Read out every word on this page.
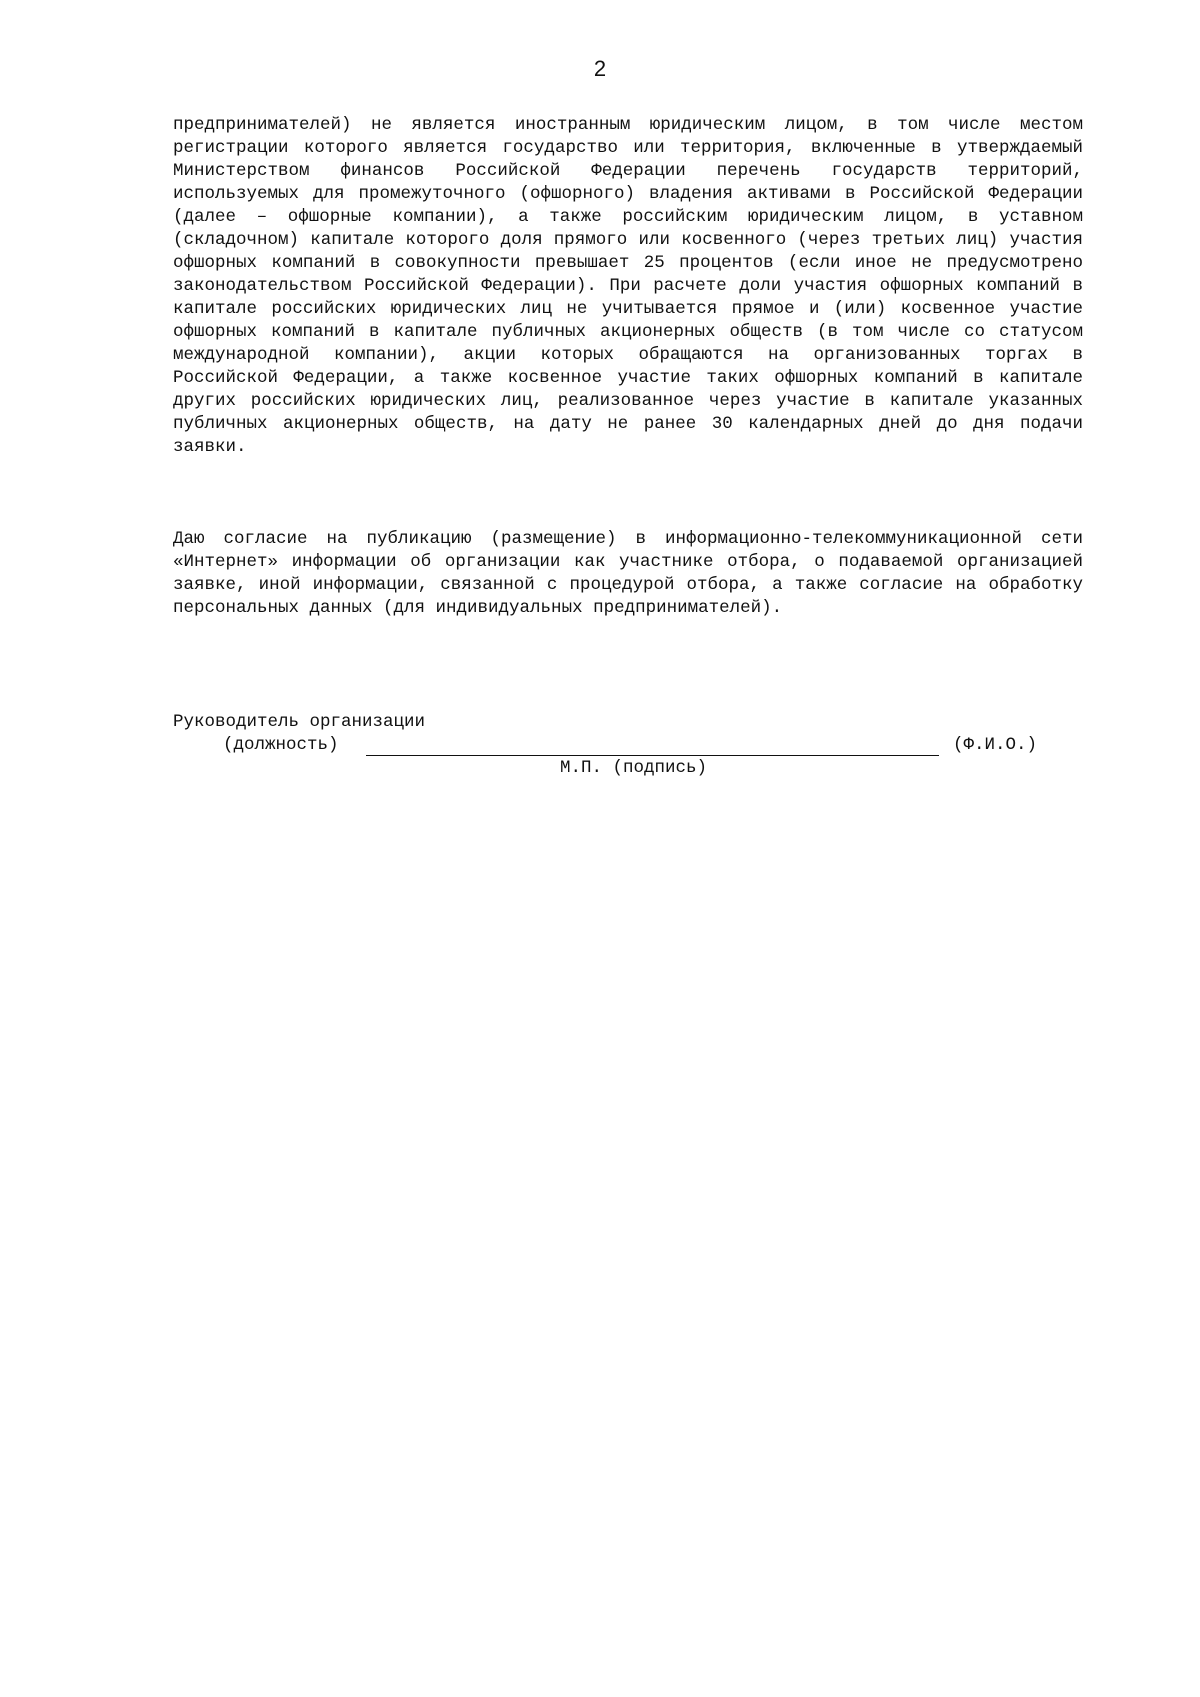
2
предпринимателей) не является иностранным юридическим лицом, в том числе местом регистрации которого является государство или территория, включенные в утверждаемый Министерством финансов Российской Федерации перечень государств территорий, используемых для промежуточного (офшорного) владения активами в Российской Федерации (далее – офшорные компании), а также российским юридическим лицом, в уставном (складочном) капитале которого доля прямого или косвенного (через третьих лиц) участия офшорных компаний в совокупности превышает 25 процентов (если иное не предусмотрено законодательством Российской Федерации). При расчете доли участия офшорных компаний в капитале российских юридических лиц не учитывается прямое и (или) косвенное участие офшорных компаний в капитале публичных акционерных обществ (в том числе со статусом международной компании), акции которых обращаются на организованных торгах в Российской Федерации, а также косвенное участие таких офшорных компаний в капитале других российских юридических лиц, реализованное через участие в капитале указанных публичных акционерных обществ, на дату не ранее 30 календарных дней до дня подачи заявки.
Даю согласие на публикацию (размещение) в информационно-телекоммуникационной сети «Интернет» информации об организации как участнике отбора, о подаваемой организацией заявке, иной информации, связанной с процедурой отбора, а также согласие на обработку персональных данных (для индивидуальных предпринимателей).
Руководитель организации
(должность)	(Ф.И.О.)
М.П. (подпись)
